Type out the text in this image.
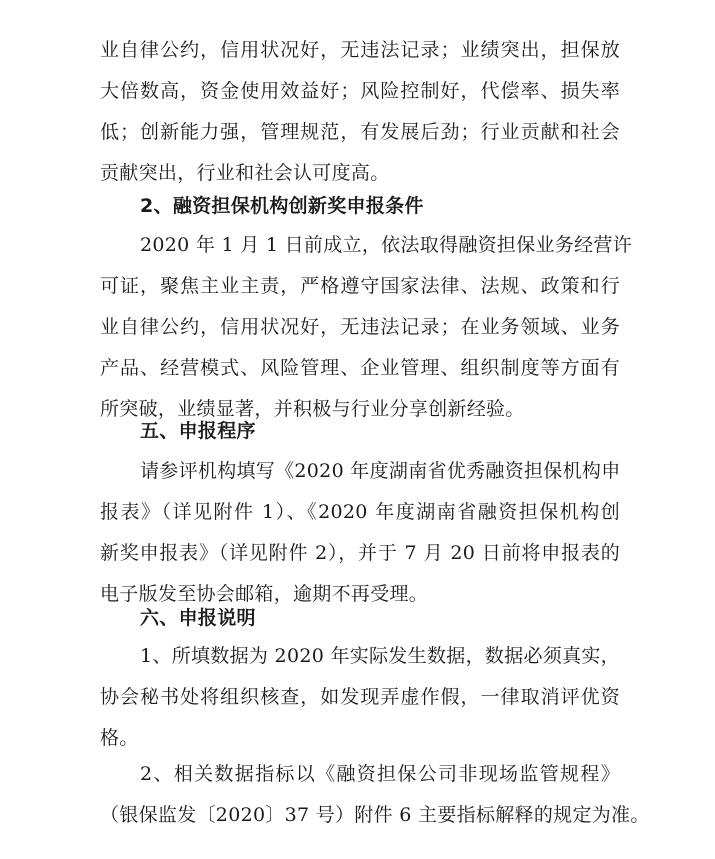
业自律公约，信用状况好，无违法记录；业绩突出，担保放
大倍数高，资金使用效益好；风险控制好，代偿率、损失率
低；创新能力强，管理规范，有发展后劲；行业贡献和社会
贡献突出，行业和社会认可度高。
2、融资担保机构创新奖申报条件
2020 年 1 月 1 日前成立，依法取得融资担保业务经营许
可证，聚焦主业主责，严格遵守国家法律、法规、政策和行
业自律公约，信用状况好，无违法记录；在业务领域、业务
产品、经营模式、风险管理、企业管理、组织制度等方面有
所突破，业绩显著，并积极与行业分享创新经验。
五、申报程序
请参评机构填写《2020 年度湖南省优秀融资担保机构申
报表》（详见附件 1）、《2020 年度湖南省融资担保机构创
新奖申报表》（详见附件 2），并于 7 月 20 日前将申报表的
电子版发至协会邮箱，逾期不再受理。
六、申报说明
1、所填数据为 2020 年实际发生数据，数据必须真实，
协会秘书处将组织核查，如发现弄虚作假，一律取消评优资
格。
2、相关数据指标以《融资担保公司非现场监管规程》
（银保监发〔2020〕37 号）附件 6 主要指标解释的规定为准。
